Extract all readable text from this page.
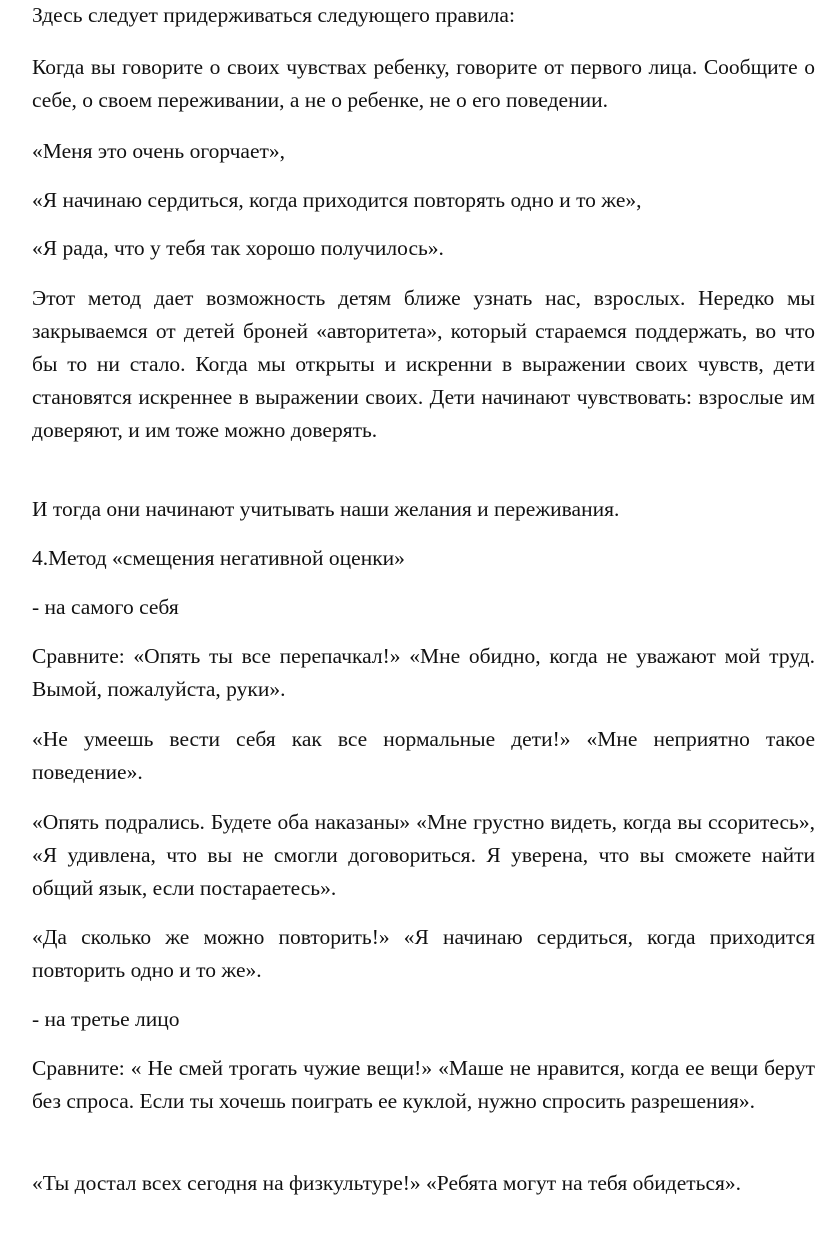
Здесь следует придерживаться следующего правила:

Когда вы говорите о своих чувствах ребенку, говорите от первого лица. Сообщите о себе, о своем переживании, а не о ребенке, не о его поведении.

«Меня это очень огорчает»,

«Я начинаю сердиться, когда приходится повторять одно и то же»,

«Я рада, что у тебя так хорошо получилось».

Этот метод дает возможность детям ближе узнать нас, взрослых. Нередко мы закрываемся от детей броней «авторитета», который стараемся поддержать, во что бы то ни стало. Когда мы открыты и искренни в выражении своих чувств, дети становятся искреннее в выражении своих. Дети начинают чувствовать: взрослые им доверяют, и им тоже можно доверять.

И тогда они начинают учитывать наши желания и переживания.

4.Метод «смещения негативной оценки»

- на самого себя

Сравните: «Опять ты все перепачкал!» «Мне обидно, когда не уважают мой труд. Вымой, пожалуйста, руки».

«Не умеешь вести себя как все нормальные дети!» «Мне неприятно такое поведение».

«Опять подрались. Будете оба наказаны» «Мне грустно видеть, когда вы ссоритесь», «Я удивлена, что вы не смогли договориться. Я уверена, что вы сможете найти общий язык, если постараетесь».

«Да сколько же можно повторить!» «Я начинаю сердиться, когда приходится повторить одно и то же».

- на третье лицо

Сравните: « Не смей трогать чужие вещи!» «Маше не нравится, когда ее вещи берут без спроса. Если ты хочешь поиграть ее куклой, нужно спросить разрешения».

«Ты достал всех сегодня на физкультуре!» «Ребята могут на тебя обидеться».
